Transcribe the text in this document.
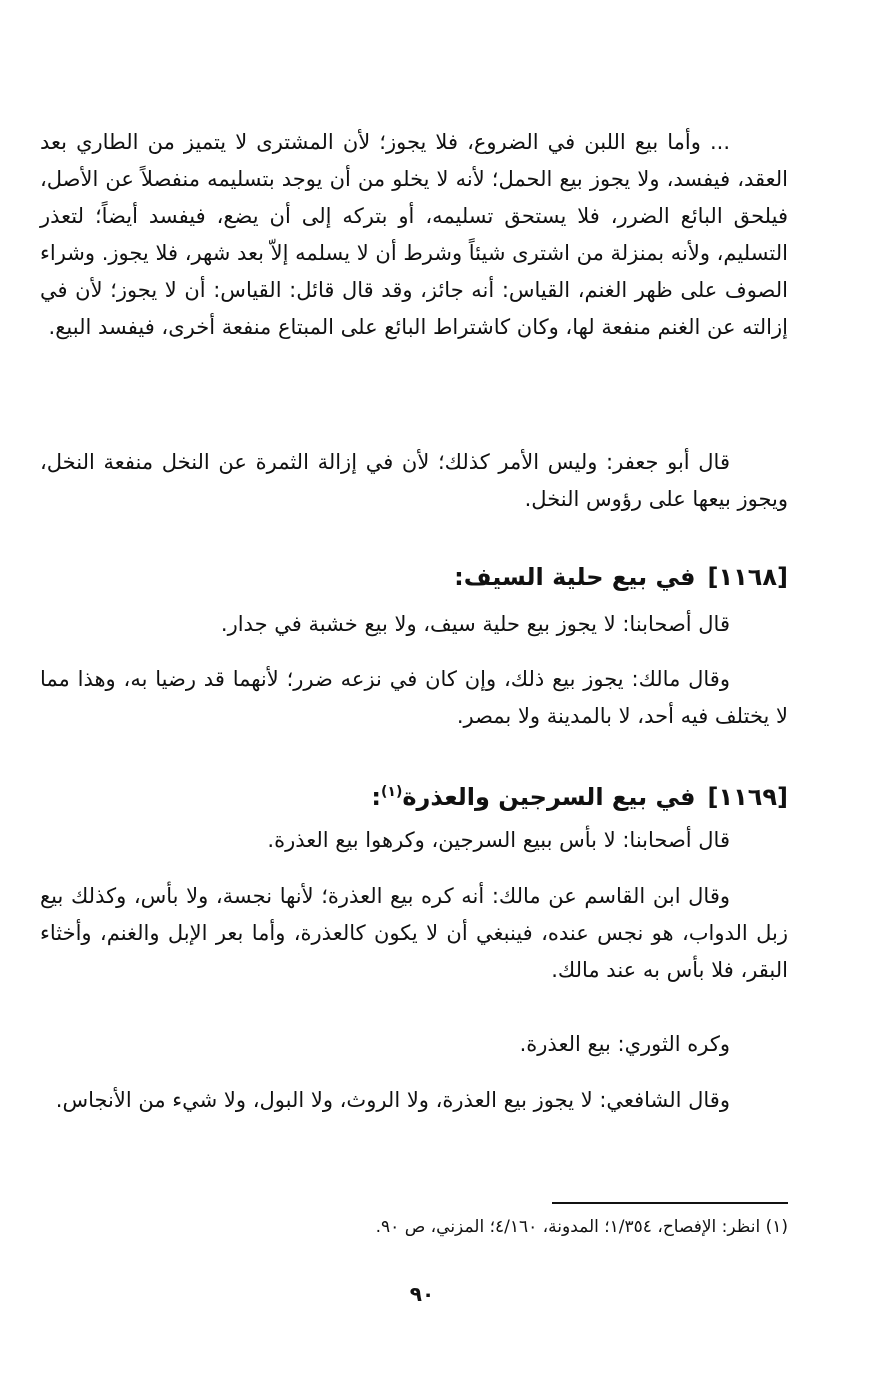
... وأما بيع اللبن في الضروع، فلا يجوز؛ لأن المشترى لا يتميز من الطاري بعد العقد، فيفسد، ولا يجوز بيع الحمل؛ لأنه لا يخلو من أن يوجد بتسليمه منفصلاً عن الأصل، فيلحق البائع الضرر، فلا يستحق تسليمه، أو بتركه إلى أن يضع، فيفسد أيضاً؛ لتعذر التسليم، ولأنه بمنزلة من اشترى شيئاً وشرط أن لا يسلمه إلاّ بعد شهر، فلا يجوز. وشراء الصوف على ظهر الغنم، القياس: أنه جائز، وقد قال قائل: القياس: أن لا يجوز؛ لأن في إزالته عن الغنم منفعة لها، وكان كاشتراط البائع على المبتاع منفعة أخرى، فيفسد البيع.

قال أبو جعفر: وليس الأمر كذلك؛ لأن في إزالة الثمرة عن النخل منفعة النخل، ويجوز بيعها على رؤوس النخل.

[١١٦٨]في بيع حلية السيف:

قال أصحابنا: لا يجوز بيع حلية سيف، ولا بيع خشبة في جدار.

وقال مالك: يجوز بيع ذلك، وإن كان في نزعه ضرر؛ لأنهما قد رضيا به، وهذا مما لا يختلف فيه أحد، لا بالمدينة ولا بمصر.

[١١٦٩]في بيع السرجين والعذرة$^{(١)}$:

قال أصحابنا: لا بأس ببيع السرجين، وكرهوا بيع العذرة.

وقال ابن القاسم عن مالك: أنه كره بيع العذرة؛ لأنها نجسة، ولا بأس، وكذلك بيع زبل الدواب، هو نجس عنده، فينبغي أن لا يكون كالعذرة، وأما بعر الإبل والغنم، وأخثاء البقر، فلا بأس به عند مالك.

وكره الثوري: بيع العذرة.

وقال الشافعي: لا يجوز بيع العذرة، ولا الروث، ولا البول، ولا شيء من الأنجاس.

(١) انظر: الإفصاح، ١/٣٥٤؛ المدونة، ٤/١٦٠؛ المزني، ص ٩٠.
٩٠
